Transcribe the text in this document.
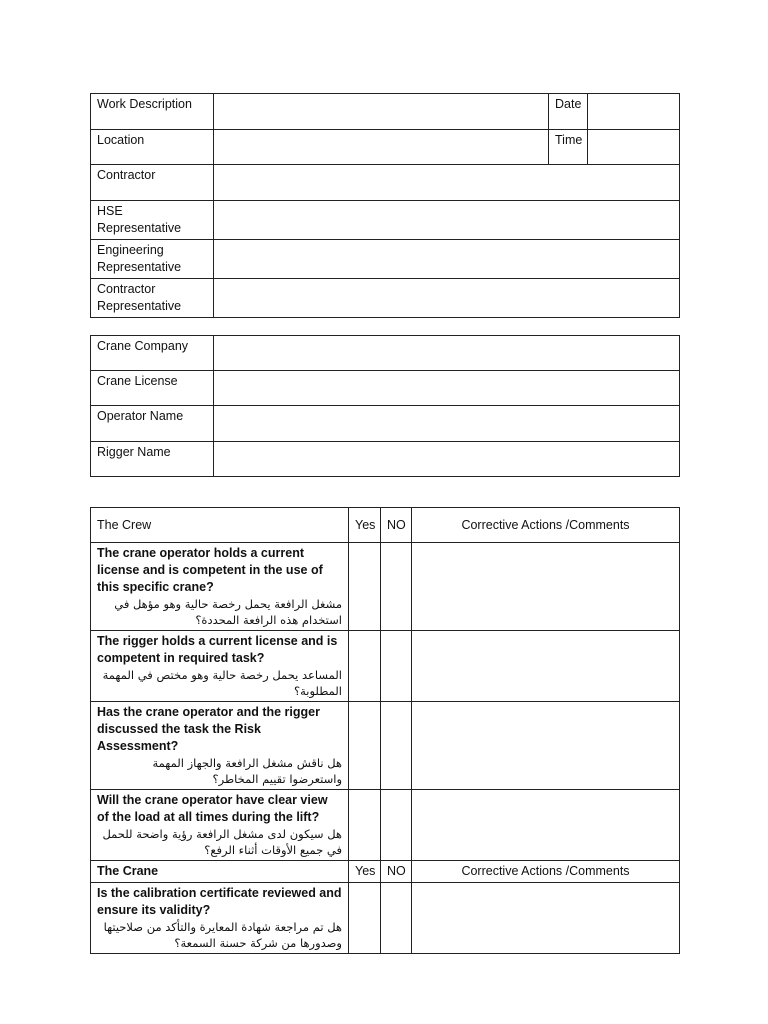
Work Description		Date	
Location		Time	
Contractor			
HSE Representative			
Engineering Representative			
Contractor Representative			
Crane Company	
Crane License	
Operator Name	
Rigger Name	
The Crew	Yes	NO	Corrective Actions /Comments

The crane operator holds a current license and is competent in the use of this specific crane?
مشغل الرافعة يحمل رخصة حالية وهو مؤهل في استخدام هذه الرافعة المحددة؟			

The rigger holds a current license and is competent in required task?
المساعد يحمل رخصة حالية وهو مختص في المهمة المطلوبة؟			

Has the crane operator and the rigger discussed the task the Risk Assessment?
هل ناقش مشغل الرافعة والجهاز المهمة واستعرضوا تقييم المخاطر؟			

Will the crane operator have clear view of the load at all times during the lift?
هل سيكون لدى مشغل الرافعة رؤية واضحة للحمل في جميع الأوقات أثناء الرفع؟			

The Crane	Yes	NO	Corrective Actions /Comments

Is the calibration certificate reviewed and ensure its validity?
هل تم مراجعة شهادة المعايرة والتأكد من صلاحيتها وصدورها من شركة حسنة السمعة؟			
